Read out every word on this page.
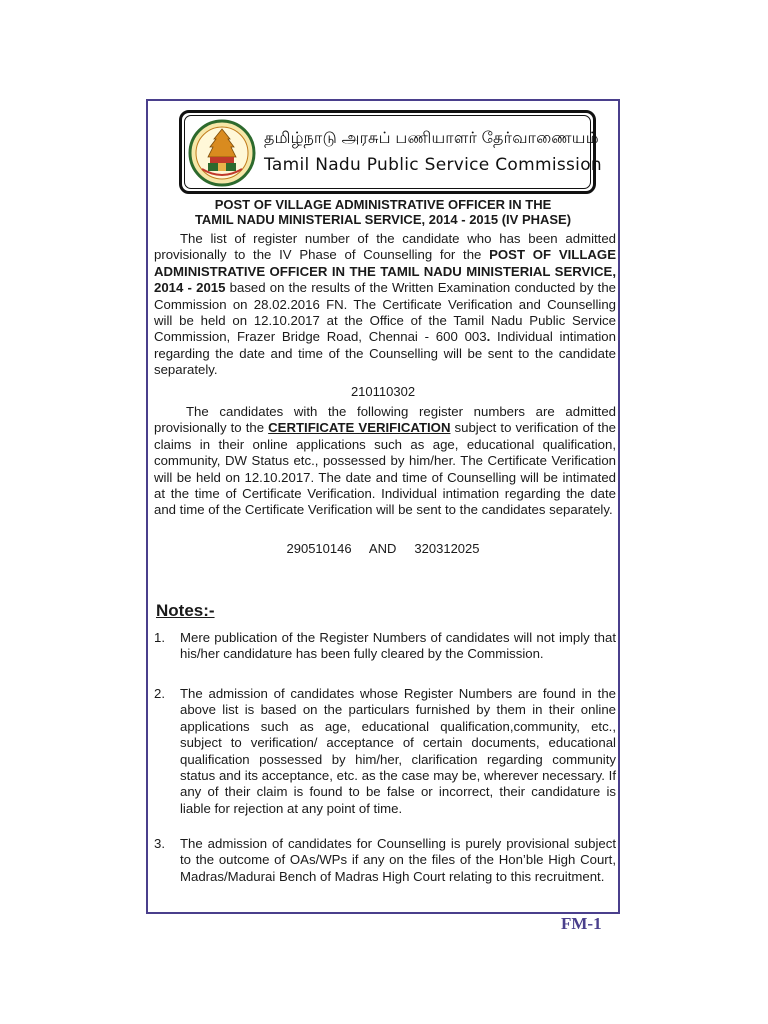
தமிழ்நாடு அரசுப் பணியாளர் தேர்வாணையம்
Tamil Nadu Public Service Commission
POST OF VILLAGE ADMINISTRATIVE OFFICER IN THE
TAMIL NADU MINISTERIAL SERVICE, 2014 - 2015 (IV PHASE)
The list of register number of the candidate who has been admitted provisionally to the IV Phase of Counselling for the POST OF VILLAGE ADMINISTRATIVE OFFICER IN THE TAMIL NADU MINISTERIAL SERVICE, 2014 - 2015 based on the results of the Written Examination conducted by the Commission on 28.02.2016 FN. The Certificate Verification and Counselling will be held on 12.10.2017 at the Office of the Tamil Nadu Public Service Commission, Frazer Bridge Road, Chennai - 600 003. Individual intimation regarding the date and time of the Counselling will be sent to the candidate separately.
210110302
The candidates with the following register numbers are admitted provisionally to the CERTIFICATE VERIFICATION subject to verification of the claims in their online applications such as age, educational qualification, community, DW Status etc., possessed by him/her. The Certificate Verification will be held on 12.10.2017. The date and time of Counselling will be intimated at the time of Certificate Verification. Individual intimation regarding the date and time of the Certificate Verification will be sent to the candidates separately.
290510146     AND     320312025
Notes:-
1. Mere publication of the Register Numbers of candidates will not imply that his/her candidature has been fully cleared by the Commission.
2. The admission of candidates whose Register Numbers are found in the above list is based on the particulars furnished by them in their online applications such as age, educational qualification,community, etc., subject to verification/ acceptance of certain documents, educational qualification possessed by him/her, clarification regarding community status and its acceptance, etc. as the case may be, wherever necessary. If any of their claim is found to be false or incorrect, their candidature is liable for rejection at any point of time.
3. The admission of candidates for Counselling is purely provisional subject to the outcome of OAs/WPs if any on the files of the Hon’ble High Court, Madras/Madurai Bench of Madras High Court relating to this recruitment.
FM-1
